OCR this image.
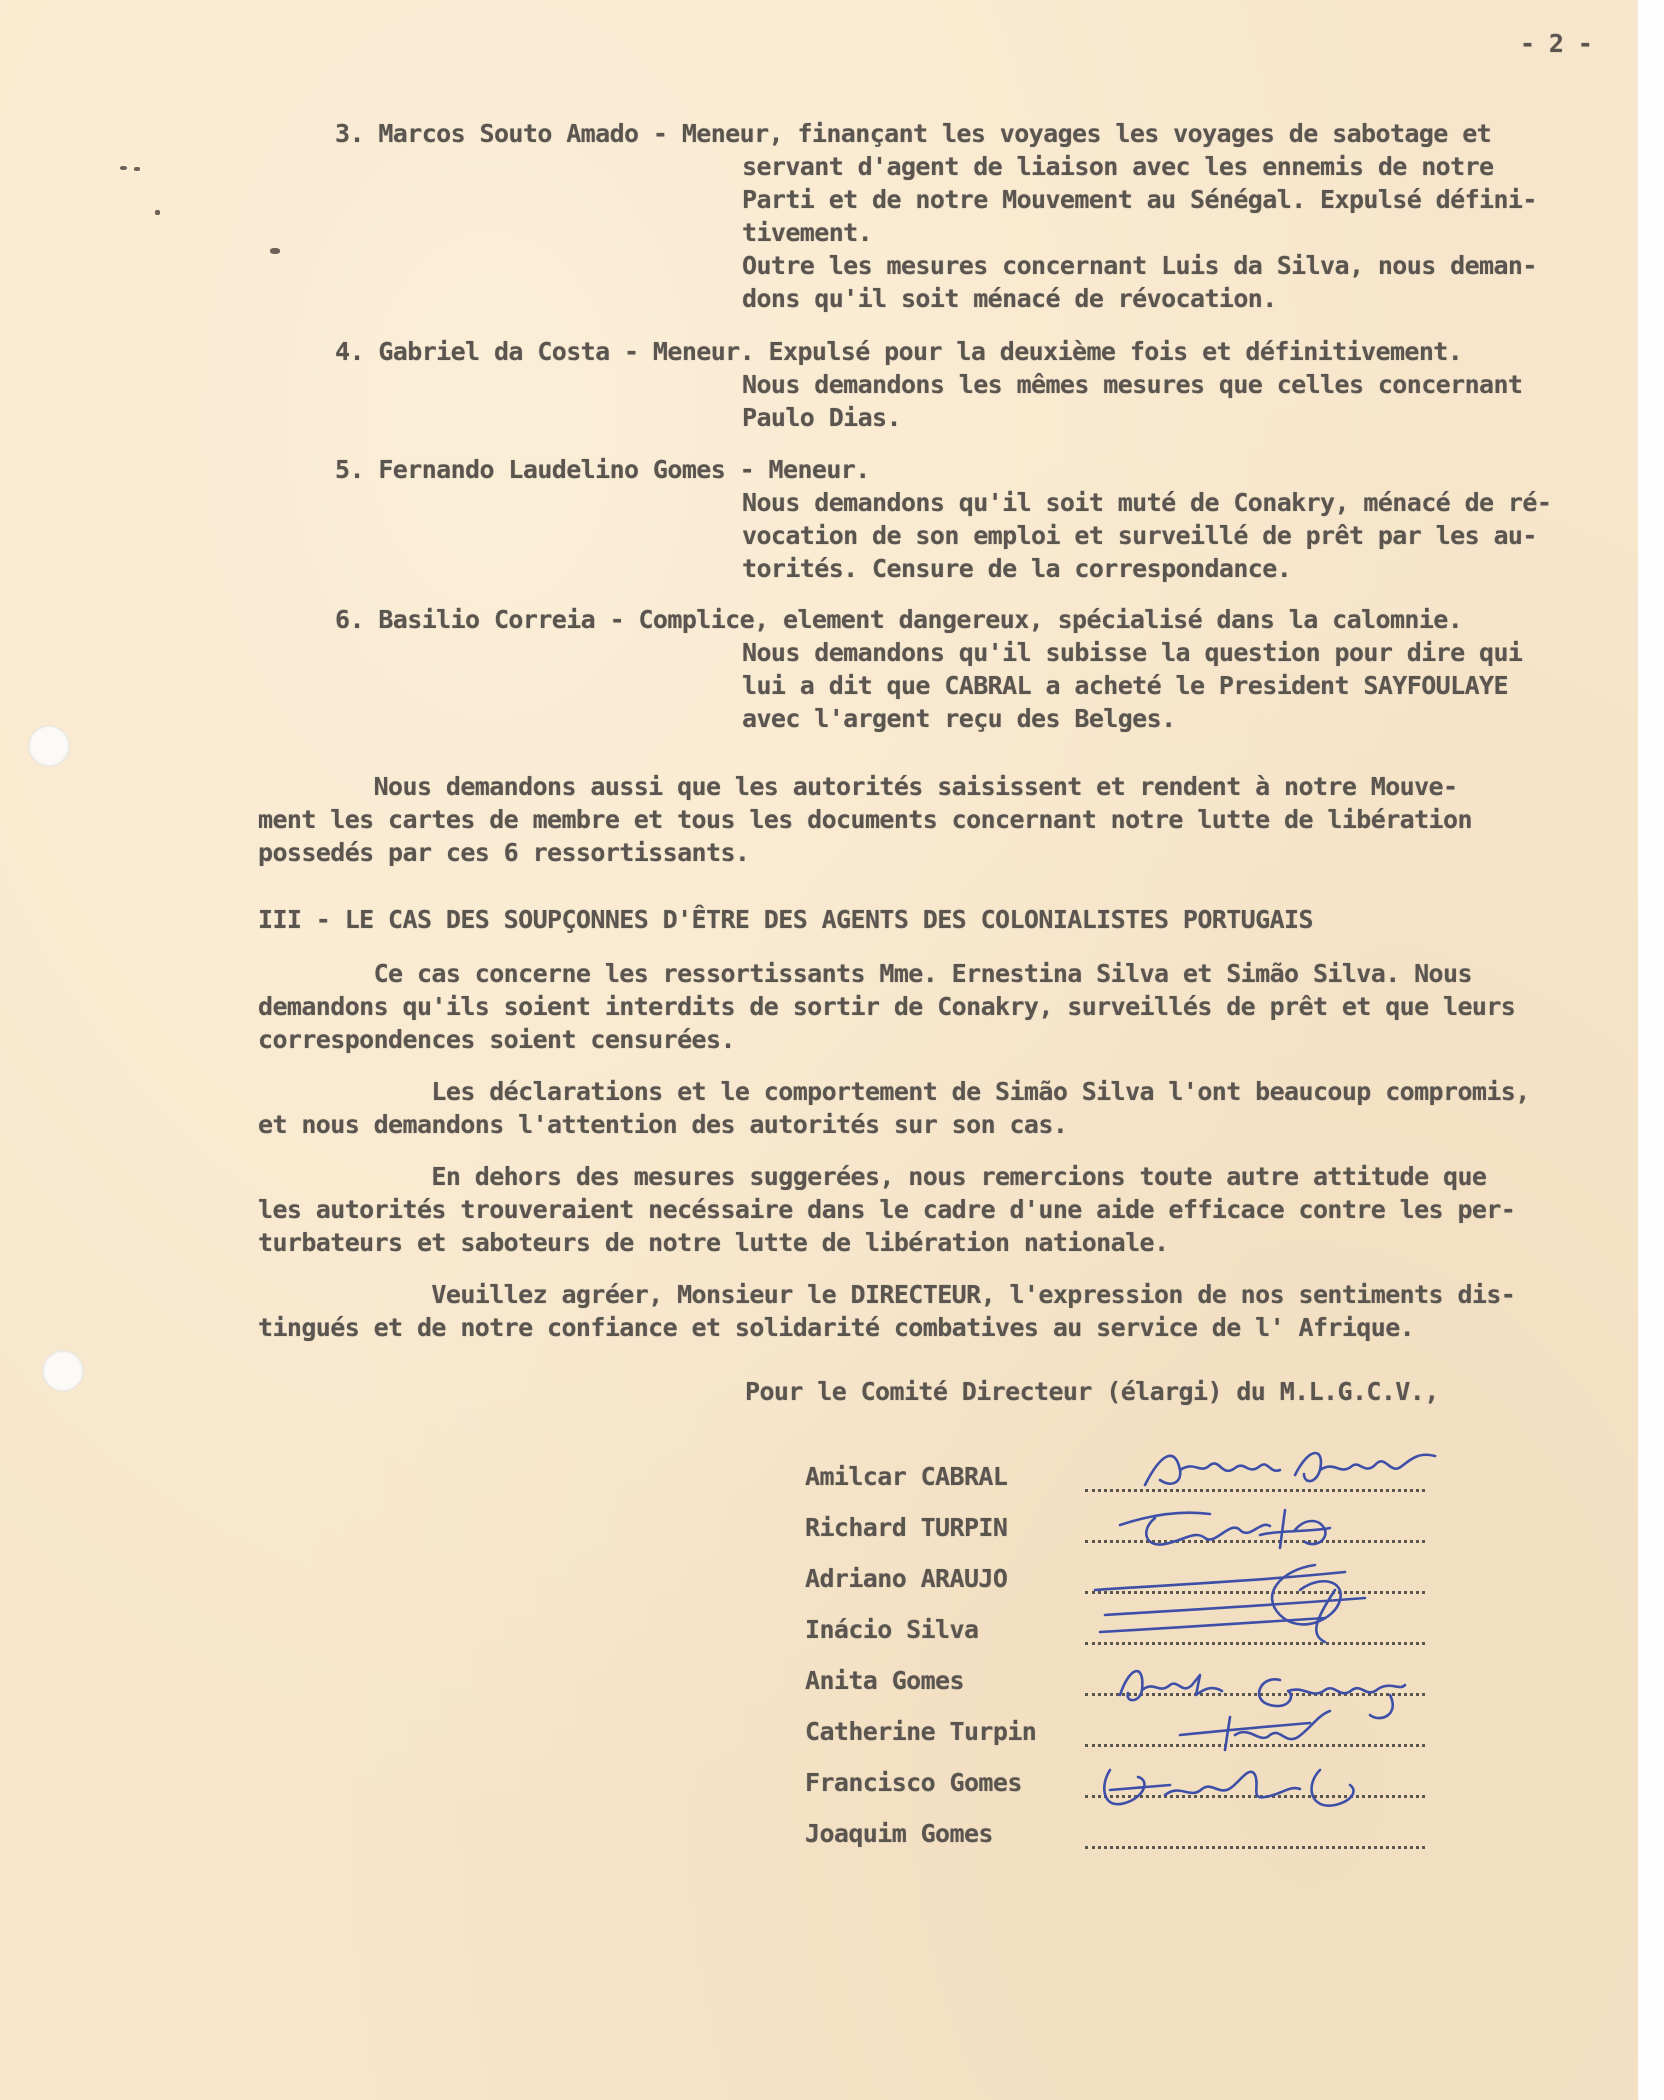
- 2 -
3. Marcos Souto Amado - Meneur, finançant les voyages les voyages de sabotage et
servant d'agent de liaison avec les ennemis de notre
Parti et de notre Mouvement au Sénégal. Expulsé défini-
tivement.
Outre les mesures concernant Luis da Silva, nous deman-
dons qu'il soit ménacé de révocation.
4. Gabriel da Costa - Meneur. Expulsé pour la deuxième fois et définitivement.
Nous demandons les mêmes mesures que celles concernant
Paulo Dias.
5. Fernando Laudelino Gomes - Meneur.
Nous demandons qu'il soit muté de Conakry, ménacé de ré-
vocation de son emploi et surveillé de prêt par les au-
torités. Censure de la correspondance.
6. Basilio Correia - Complice, element dangereux, spécialisé dans la calomnie.
Nous demandons qu'il subisse la question pour dire qui
lui a dit que CABRAL a acheté le President SAYFOULAYE
avec l'argent reçu des Belges.
Nous demandons aussi que les autorités saisissent et rendent à notre Mouve-
ment les cartes de membre et tous les documents concernant notre lutte de libération
possedés par ces 6 ressortissants.
III - LE CAS DES SOUPÇONNES D'ÊTRE DES AGENTS DES COLONIALISTES PORTUGAIS
Ce cas concerne les ressortissants Mme. Ernestina Silva et Simão Silva. Nous
demandons qu'ils soient interdits de sortir de Conakry, surveillés de prêt et que leurs
correspondences soient censurées.
Les déclarations et le comportement de Simão Silva l'ont beaucoup compromis,
et nous demandons l'attention des autorités sur son cas.
En dehors des mesures suggerées, nous remercions toute autre attitude que
les autorités trouveraient necéssaire dans le cadre d'une aide efficace contre les per-
turbateurs et saboteurs de notre lutte de libération nationale.
Veuillez agréer, Monsieur le DIRECTEUR, l'expression de nos sentiments dis-
tingués et de notre confiance et solidarité combatives au service de l' Afrique.
Pour le Comité Directeur (élargi) du M.L.G.C.V.,
Amilcar CABRAL
Richard TURPIN
Adriano ARAUJO
Inácio Silva
Anita Gomes
Catherine Turpin
Francisco Gomes
Joaquim Gomes
